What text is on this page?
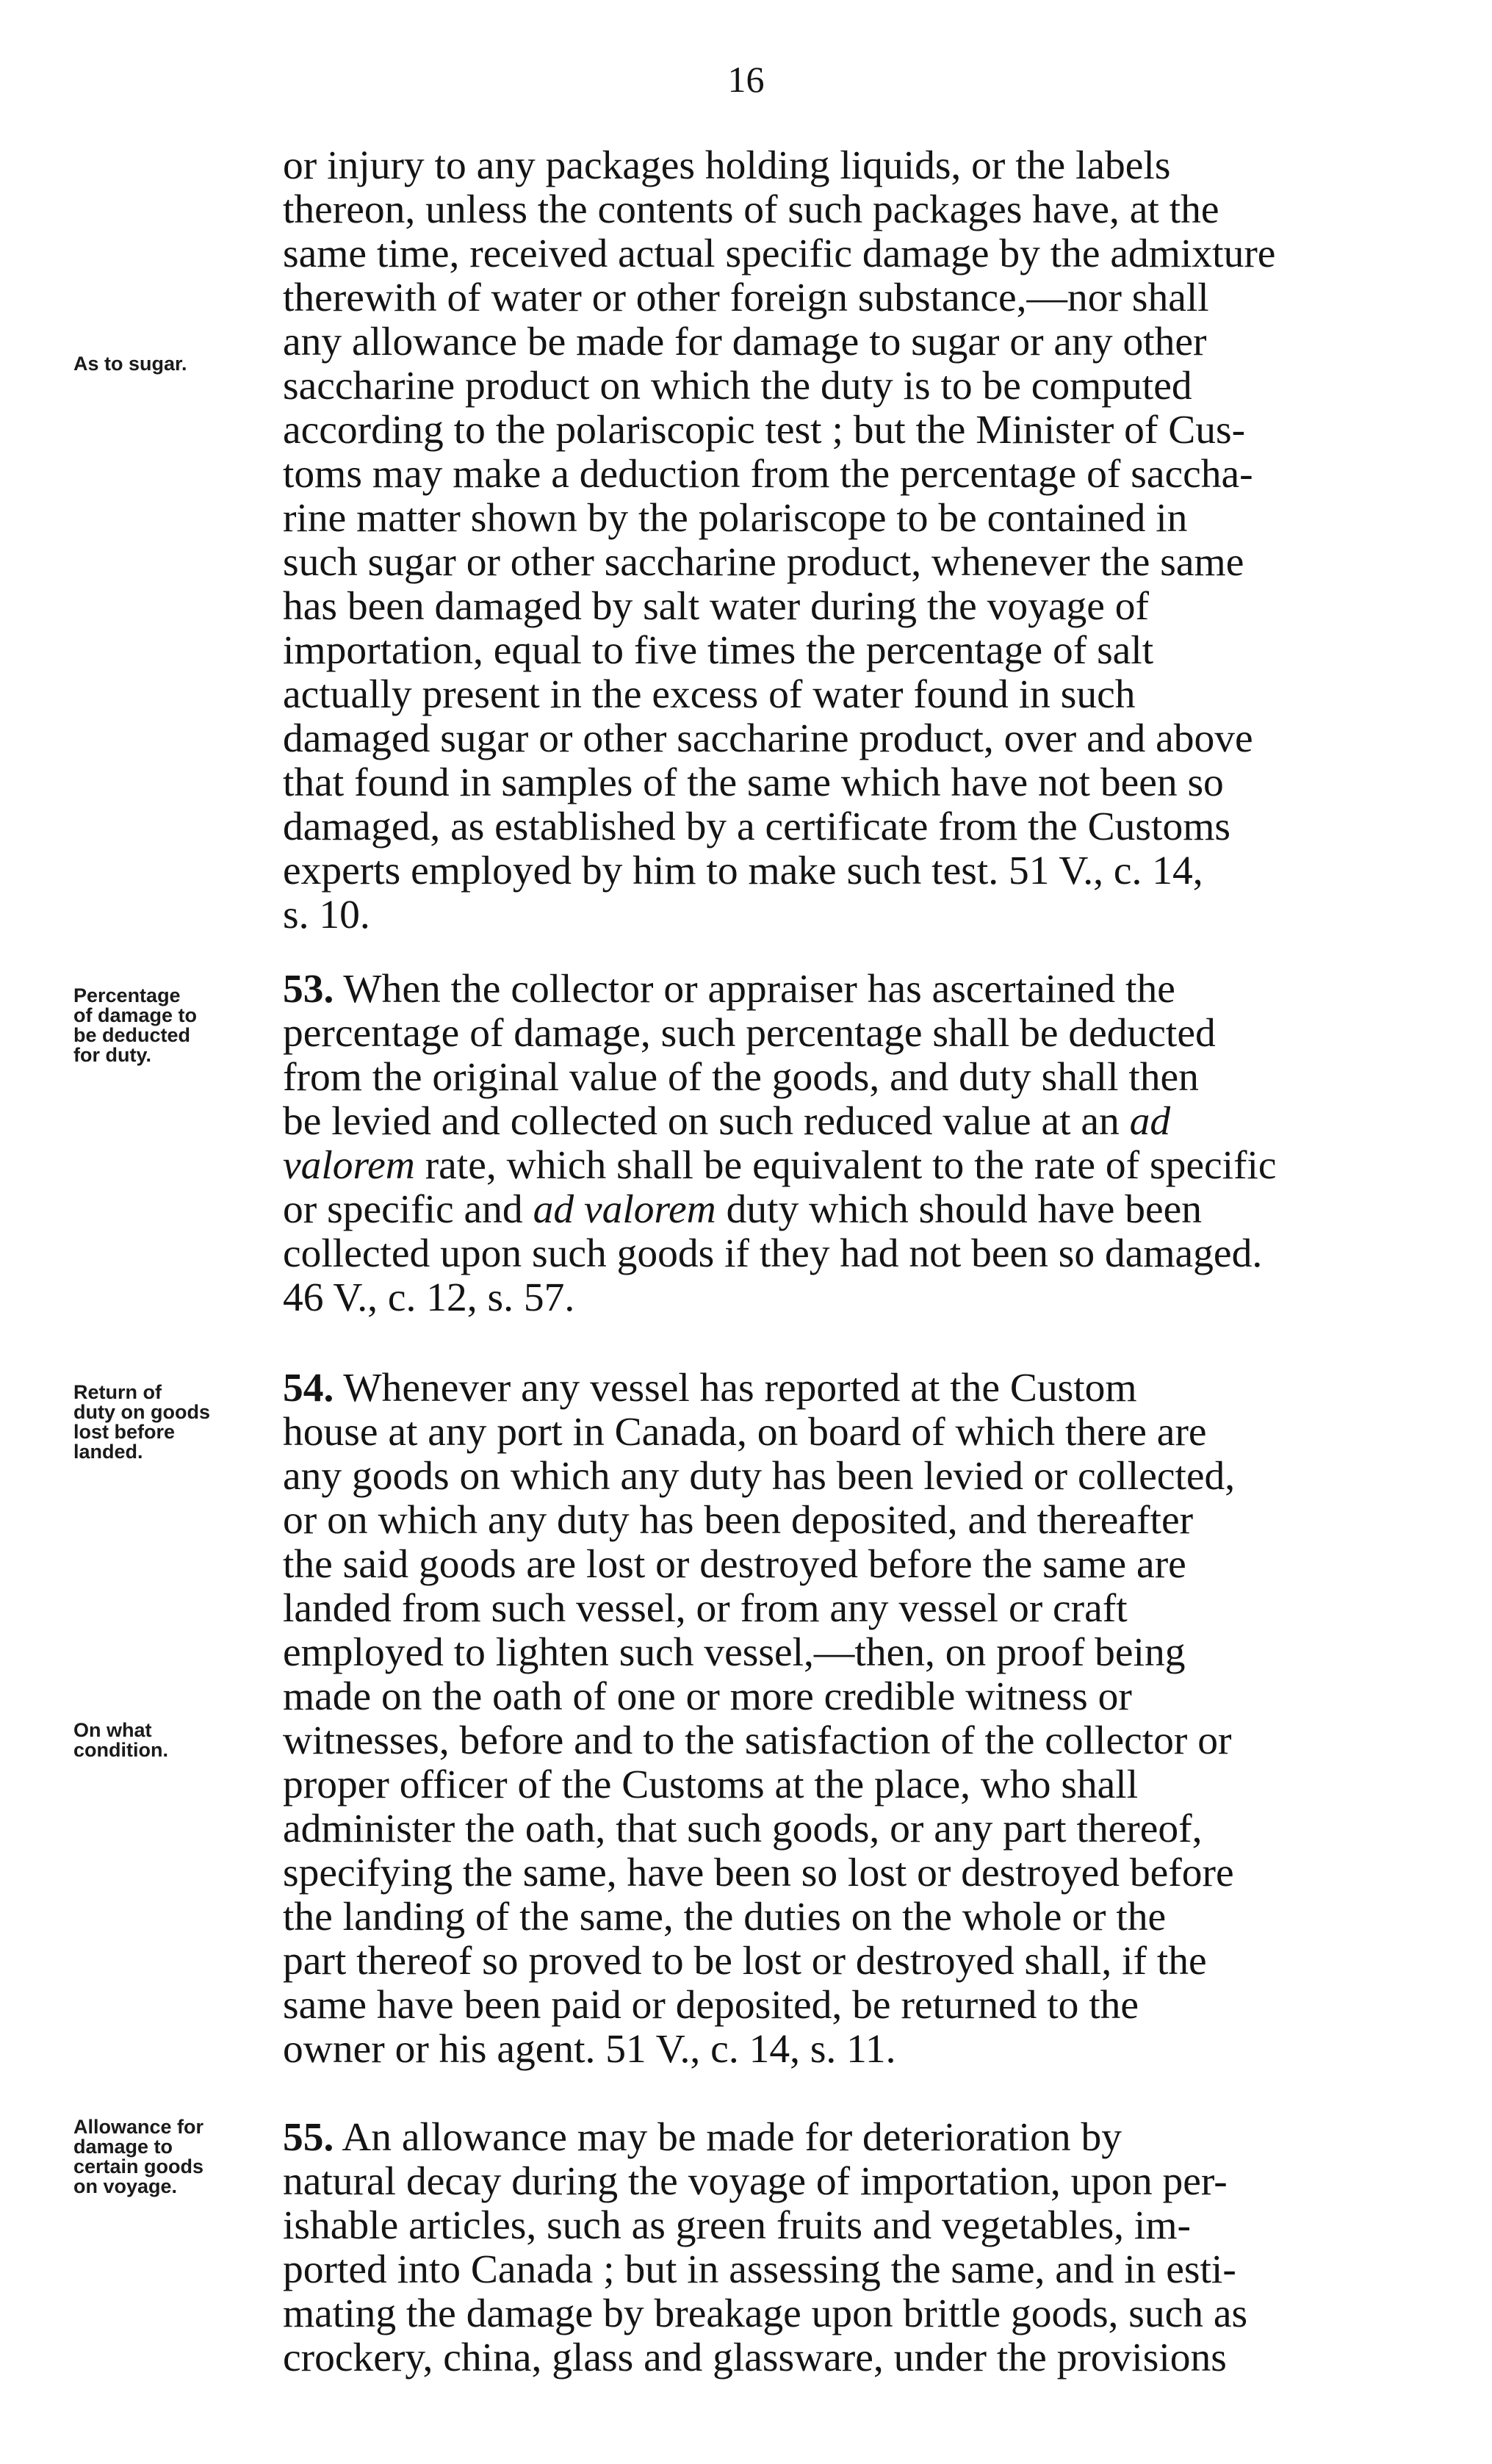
16

or injury to any packages holding liquids, or the labels
thereon, unless the contents of such packages have, at the
same time, received actual specific damage by the admixture
therewith of water or other foreign substance,—nor shall
any allowance be made for damage to sugar or any other
saccharine product on which the duty is to be computed
according to the polariscopic test ; but the Minister of Cus-
toms may make a deduction from the percentage of saccha-
rine matter shown by the polariscope to be contained in
such sugar or other saccharine product, whenever the same
has been damaged by salt water during the voyage of
importation, equal to five times the percentage of salt
actually present in the excess of water found in such
damaged sugar or other saccharine product, over and above
that found in samples of the same which have not been so
damaged, as established by a certificate from the Customs
experts employed by him to make such test. 51 V., c. 14,
s. 10.

53. When the collector or appraiser has ascertained the
percentage of damage, such percentage shall be deducted
from the original value of the goods, and duty shall then
be levied and collected on such reduced value at an ad
valorem rate, which shall be equivalent to the rate of specific
or specific and ad valorem duty which should have been
collected upon such goods if they had not been so damaged.
46 V., c. 12, s. 57.

54. Whenever any vessel has reported at the Custom
house at any port in Canada, on board of which there are
any goods on which any duty has been levied or collected,
or on which any duty has been deposited, and thereafter
the said goods are lost or destroyed before the same are
landed from such vessel, or from any vessel or craft
employed to lighten such vessel,—then, on proof being
made on the oath of one or more credible witness or
witnesses, before and to the satisfaction of the collector or
proper officer of the Customs at the place, who shall
administer the oath, that such goods, or any part thereof,
specifying the same, have been so lost or destroyed before
the landing of the same, the duties on the whole or the
part thereof so proved to be lost or destroyed shall, if the
same have been paid or deposited, be returned to the
owner or his agent. 51 V., c. 14, s. 11.

55. An allowance may be made for deterioration by
natural decay during the voyage of importation, upon per-
ishable articles, such as green fruits and vegetables, im-
ported into Canada ; but in assessing the same, and in esti-
mating the damage by breakage upon brittle goods, such as
crockery, china, glass and glassware, under the provisions

As to sugar.
Percentage
of damage to
be deducted
for duty.
Return of
duty on goods
lost before
landed.
On what
condition.
Allowance for
damage to
certain goods
on voyage.
